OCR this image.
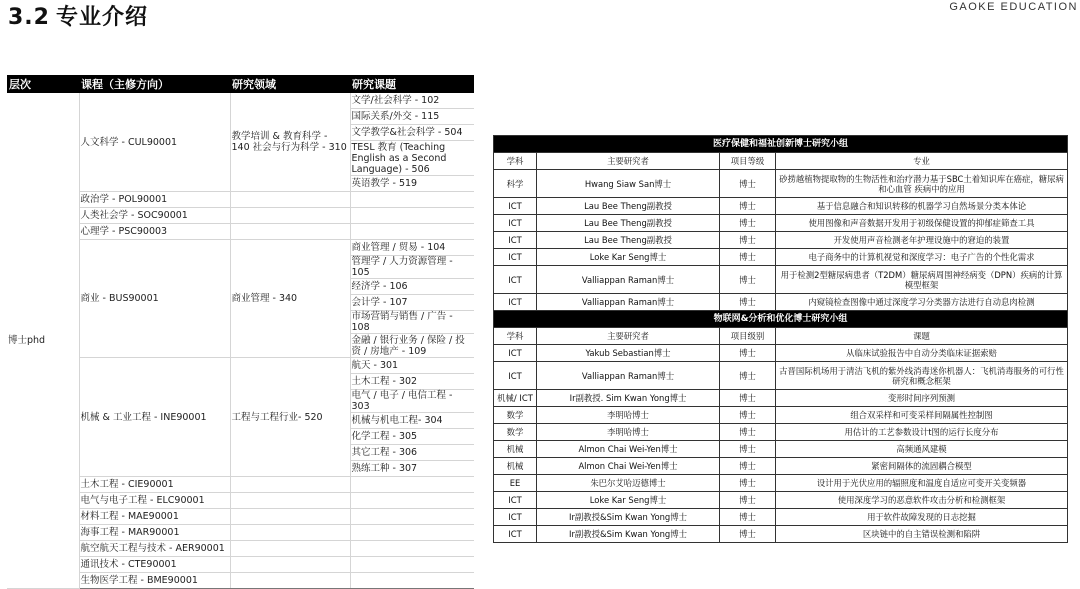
3.2 专业介绍	GAOKE EDUCATION
层次	课程（主修方向）	研究领域	研究课题
博士phd	人文科学 - CUL90001	教学培训 & 教育科学 - 140 社会与行为科学 - 310	文学/社会科学 - 102
			国际关系/外交 - 115
			文学教学&社会科学 - 504
			TESL 教育 (Teaching English as a Second Language) - 506
			英语教学 - 519
	政治学 - POL90001		
	人类社会学 - SOC90001		
	心理学 - PSC90003		
	商业 - BUS90001	商业管理 - 340	商业管理 / 贸易 - 104
			管理学 / 人力资源管理 - 105
			经济学 - 106
			会计学 - 107
			市场营销与销售 / 广告 - 108
			金融 / 银行业务 / 保险 / 投资 / 房地产 - 109
	机械 & 工业工程 - INE90001	工程与工程行业- 520	航天 - 301
			土木工程 - 302
			电气 / 电子 / 电信工程 - 303
			机械与机电工程- 304
			化学工程 - 305
			其它工程 - 306
			熟练工种 - 307
	土木工程 - CIE90001		
	电气与电子工程 - ELC90001		
	材料工程 - MAE90001		
	海事工程 - MAR90001		
	航空航天工程与技术 - AER90001		
	通讯技术 - CTE90001		
	生物医学工程 - BME90001		
医疗保健和福祉创新博士研究小组			
学科	主要研究者	项目等级	专业
科学	Hwang Siaw San博士	博士	砂捞越植物提取物的生物活性和治疗潜力基于SBC土着知识库在癌症，糖尿病和心血管 疾病中的应用
ICT	Lau Bee Theng副教授	博士	基于信息融合和知识转移的机器学习自然场景分类本体论
ICT	Lau Bee Theng副教授	博士	使用图像和声音数据开发用于初级保健设置的抑郁症筛查工具
ICT	Lau Bee Theng副教授	博士	开发使用声音检测老年护理设施中的窘迫的装置
ICT	Loke Kar Seng博士	博士	电子商务中的计算机视觉和深度学习：电子广告的个性化需求
ICT	Valliappan Raman博士	博士	用于检测2型糖尿病患者（T2DM）糖尿病周围神经病变（DPN）疾病的计算模型框架
ICT	Valliappan Raman博士	博士	内窥镜检查图像中通过深度学习分类器方法进行自动息肉检测
物联网&分析和优化博士研究小组			
学科	主要研究者	项目级别	课题
ICT	Yakub Sebastian博士	博士	从临床试验报告中自动分类临床证据索赔
ICT	Valliappan Raman博士	博士	古晋国际机场用于清洁飞机的紫外线消毒迷你机器人：飞机消毒服务的可行性研究和概念框架
机械/ ICT	Ir副教授. Sim Kwan Yong博士	博士	变形时间序列预测
数学	李明哈博士	博士	组合双采样和可变采样间隔属性控制图
数学	李明哈博士	博士	用估计的工艺参数设计t图的运行长度分布
机械	Almon Chai Wei-Yen博士	博士	高频通风建模
机械	Almon Chai Wei-Yen博士	博士	紧密间隔体的流固耦合模型
EE	朱巴尔艾哈迈德博士	博士	设计用于光伏应用的辐照度和温度自适应可变开关变频器
ICT	Loke Kar Seng博士	博士	使用深度学习的恶意软件攻击分析和检测框架
ICT	Ir副教授&Sim Kwan Yong博士	博士	用于软件故障发现的日志挖掘
ICT	Ir副教授&Sim Kwan Yong博士	博士	区块链中的自主错误检测和陷阱
